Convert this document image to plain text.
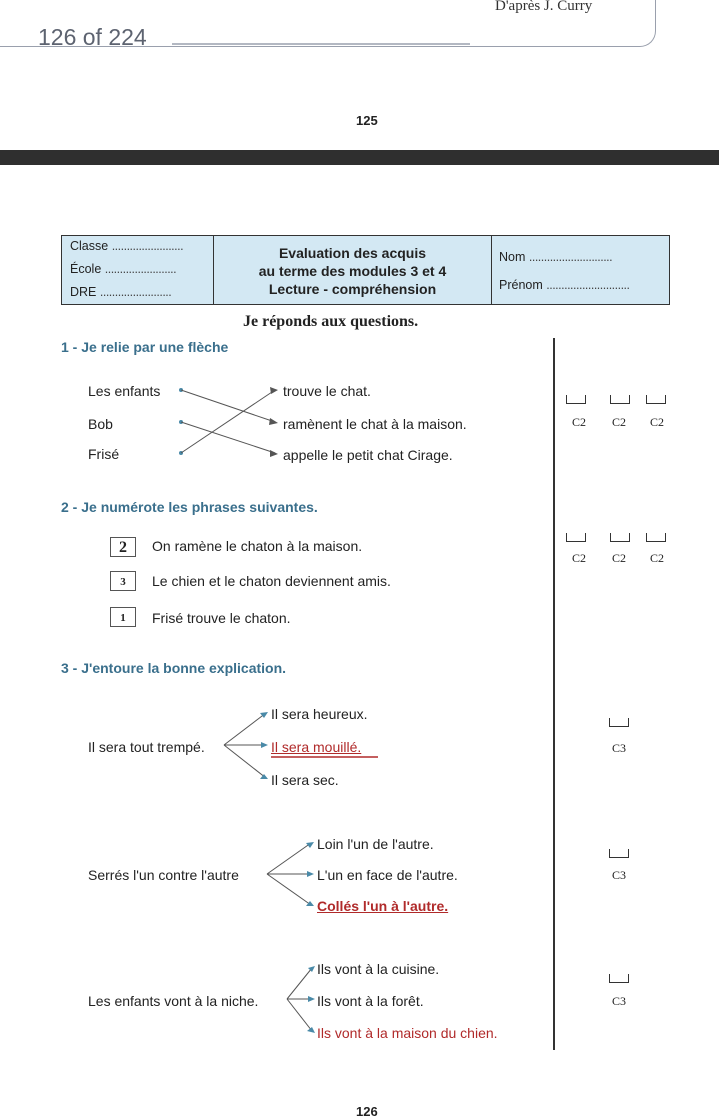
D'après J. Curry
126 of 224
125
Classe ........................
École ........................
DRE ........................
Evaluation des acquis
au terme des modules 3 et 4
Lecture - compréhension
Nom ............................
Prénom ............................
Je réponds aux questions.
1 - Je relie par une flèche
Les enfants
Bob
Frisé
trouve le chat.
ramènent le chat à la maison.
appelle le petit chat Cirage.
C2 C2 C2
2 - Je numérote les phrases suivantes.
2	On ramène le chaton à la maison.
3	Le chien et le chaton deviennent amis.
1	Frisé trouve le chaton.
C2 C2 C2
3 - J'entoure la bonne explication.
Il sera tout trempé.
Il sera heureux.
Il sera mouillé.
Il sera sec.
Serrés l'un contre l'autre
Loin l'un de l'autre.
L'un en face de l'autre.
Collés l'un à l'autre.
Les enfants vont à la niche.
Ils vont à la cuisine.
Ils vont à la forêt.
Ils vont à la maison du chien.
C3
C3
C3
126
